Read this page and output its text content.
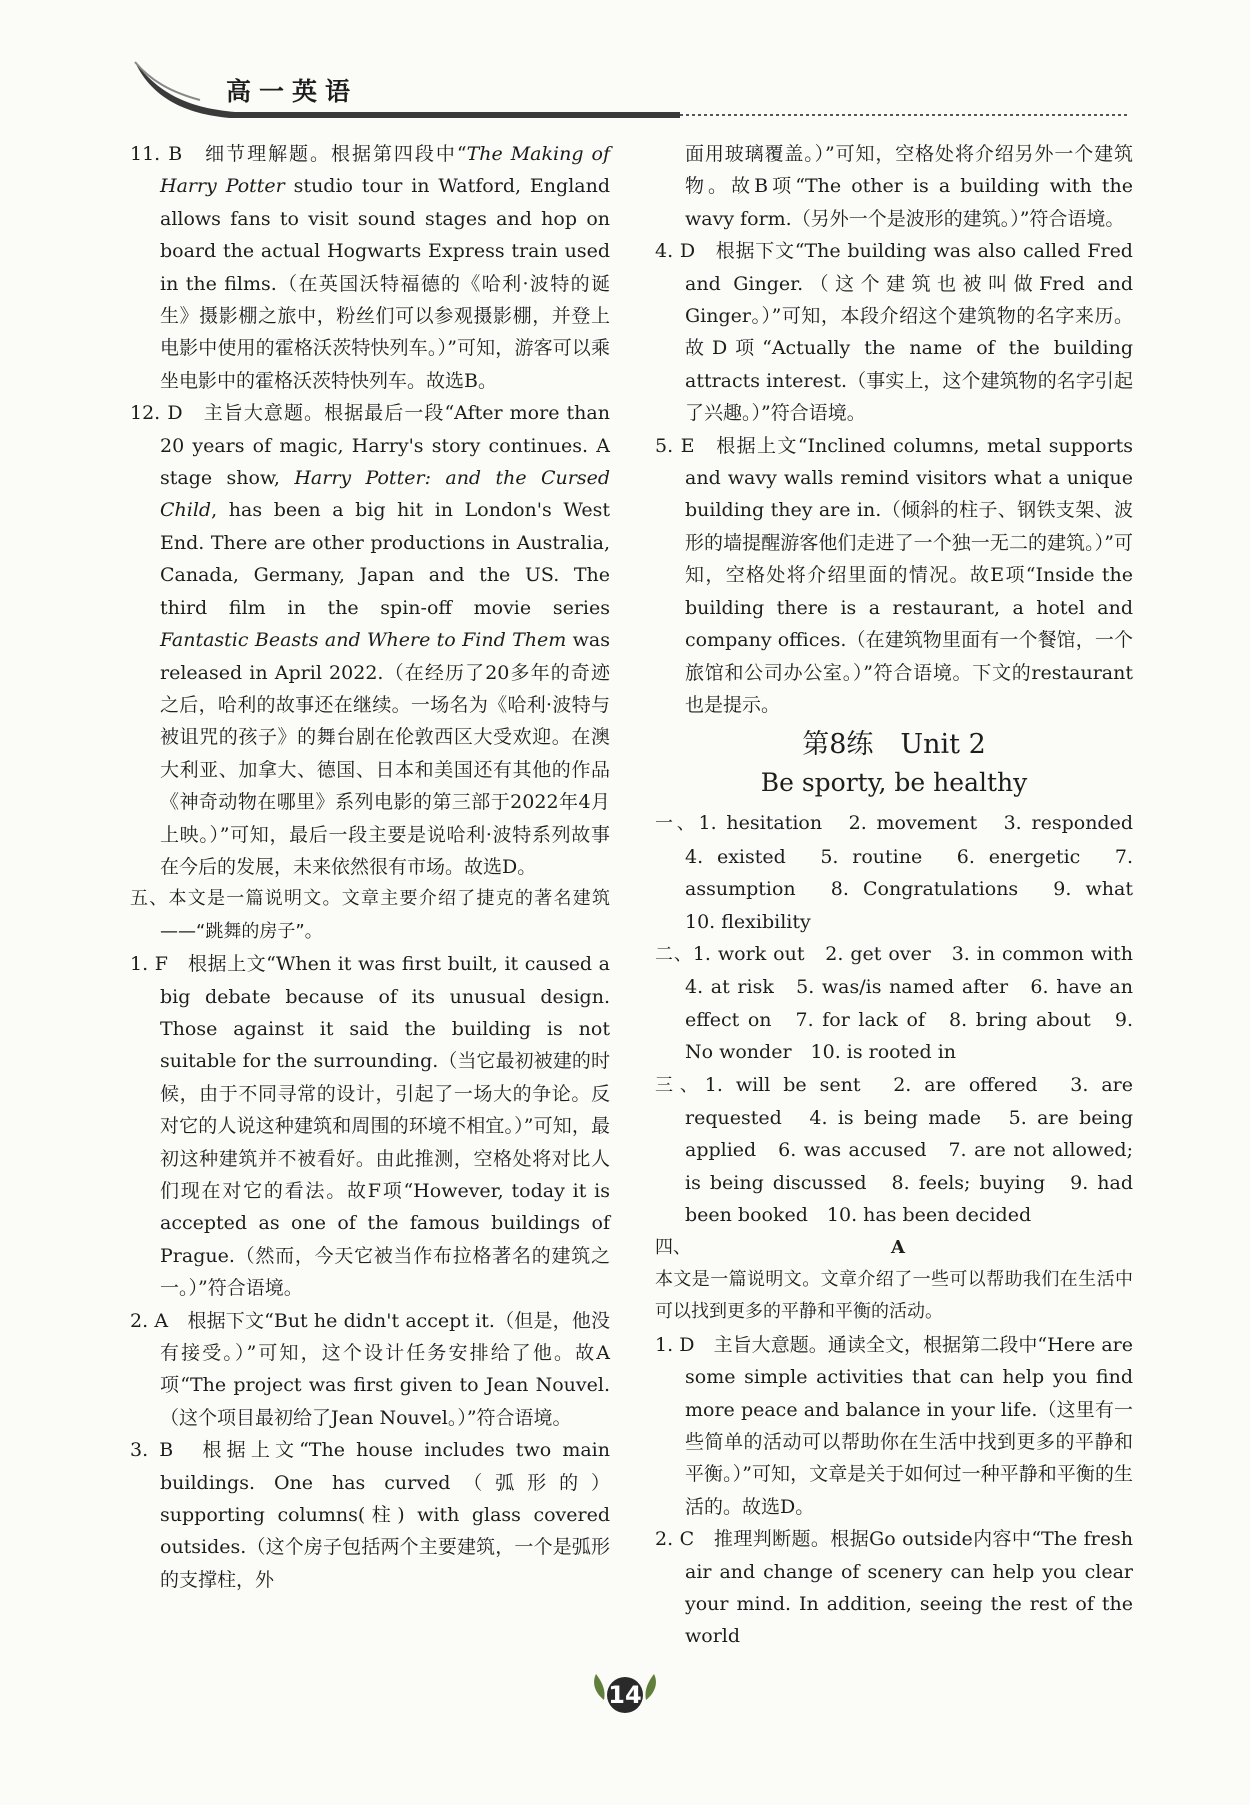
高一英语

11. B　 细节理解题。根据第四段中“The Making of Harry Potter studio tour in Watford, England allows fans to visit sound stages and hop on board the actual Hogwarts Express train used in the films.（在英国沃特福德的《哈利·波特的诞生》摄影棚之旅中，粉丝们可以参观摄影棚，并登上电影中使用的霍格沃茨特快列车。）”可知，游客可以乘坐电影中的霍格沃茨特快列车。故选B。

12. D　 主旨大意题。根据最后一段“After more than 20 years of magic, Harry's story continues. A stage show, Harry Potter: and the Cursed Child, has been a big hit in London's West End. There are other productions in Australia, Canada, Germany, Japan and the US. The third film in the spin-off movie series Fantastic Beasts and Where to Find Them was released in April 2022.（在经历了20多年的奇迹之后，哈利的故事还在继续。一场名为《哈利·波特与被诅咒的孩子》的舞台剧在伦敦西区大受欢迎。在澳大利亚、加拿大、德国、日本和美国还有其他的作品《神奇动物在哪里》系列电影的第三部于2022年4月上映。）”可知，最后一段主要是说哈利·波特系列故事在今后的发展，未来依然很有市场。故选D。

五、本文是一篇说明文。文章主要介绍了捷克的著名建筑——“跳舞的房子”。

1. F　 根据上文“When it was first built, it caused a big debate because of its unusual design. Those against it said the building is not suitable for the surrounding.（当它最初被建的时候，由于不同寻常的设计，引起了一场大的争论。反对它的人说这种建筑和周围的环境不相宜。）”可知，最初这种建筑并不被看好。由此推测，空格处将对比人们现在对它的看法。故F项“However, today it is accepted as one of the famous buildings of Prague.（然而，今天它被当作布拉格著名的建筑之一。）”符合语境。

2. A　 根据下文“But he didn't accept it.（但是，他没有接受。）”可知，这个设计任务安排给了他。故A项“The project was first given to Jean Nouvel.（这个项目最初给了Jean Nouvel。）”符合语境。

3. B　 根据上文“The house includes two main buildings. One has curved（弧形的）supporting columns(柱) with glass covered outsides.（这个房子包括两个主要建筑，一个是弧形的支撑柱，外

面用玻璃覆盖。）”可知，空格处将介绍另外一个建筑物。故B项“The other is a building with the wavy form.（另外一个是波形的建筑。）”符合语境。

4. D　 根据下文“The building was also called Fred and Ginger.（这个建筑也被叫做Fred and Ginger。）”可知，本段介绍这个建筑物的名字来历。故D项“Actually the name of the building attracts interest.（事实上，这个建筑物的名字引起了兴趣。）”符合语境。

5. E　 根据上文“Inclined columns, metal supports and wavy walls remind visitors what a unique building they are in.（倾斜的柱子、钢铁支架、波形的墙提醒游客他们走进了一个独一无二的建筑。）”可知，空格处将介绍里面的情况。故E项“Inside the building there is a restaurant, a hotel and company offices.（在建筑物里面有一个餐馆，一个旅馆和公司办公室。）”符合语境。下文的restaurant也是提示。

第8练　Unit 2
Be sporty, be healthy

一、1. hesitation　2. movement　3. responded　4. existed　5. routine　6. energetic　7. assumption　8. Congratulations　9. what　10. flexibility

二、1. work out　2. get over　3. in common with　4. at risk　5. was/is named after　6. have an effect on　7. for lack of　8. bring about　9. No wonder　10. is rooted in

三、1. will be sent　2. are offered　3. are requested　4. is being made　5. are being applied　6. was accused　7. are not allowed; is being discussed　8. feels; buying　9. had been booked　10. has been decided

四、	A

本文是一篇说明文。文章介绍了一些可以帮助我们在生活中可以找到更多的平静和平衡的活动。

1. D　 主旨大意题。通读全文，根据第二段中“Here are some simple activities that can help you find more peace and balance in your life.（这里有一些简单的活动可以帮助你在生活中找到更多的平静和平衡。）”可知，文章是关于如何过一种平静和平衡的生活的。故选D。

2. C　 推理判断题。根据Go outside内容中“The fresh air and change of scenery can help you clear your mind. In addition, seeing the rest of the world

14
